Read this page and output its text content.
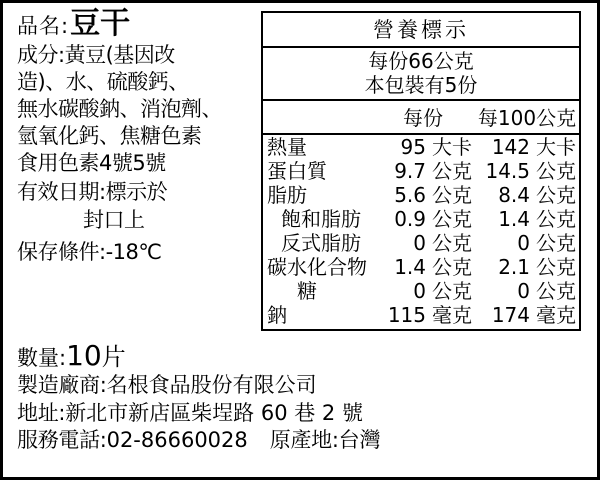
品名: 豆干
成分:黃豆(基因改
造)、水、硫酸鈣、
無水碳酸鈉、消泡劑、
氫氧化鈣、焦糖色素
食用色素4號5號
有效日期:標示於
封口上
保存條件:-18℃
營養標示
每份66公克
本包裝有5份
每份	每100公克
熱量	95 大卡 142 大卡
蛋白質	9.7 公克 14.5 公克
脂肪	5.6 公克 8.4 公克
飽和脂肪	0.9 公克 1.4 公克
反式脂肪	0 公克 0 公克
碳水化合物 1.4 公克 2.1 公克
糖	0 公克 0 公克
鈉	115 毫克 174 毫克
數量: 10 片
製造廠商:名根食品股份有限公司
地址:新北市新店區柴埕路 60 巷 2 號
服務電話:02-86660028 原產地:台灣
